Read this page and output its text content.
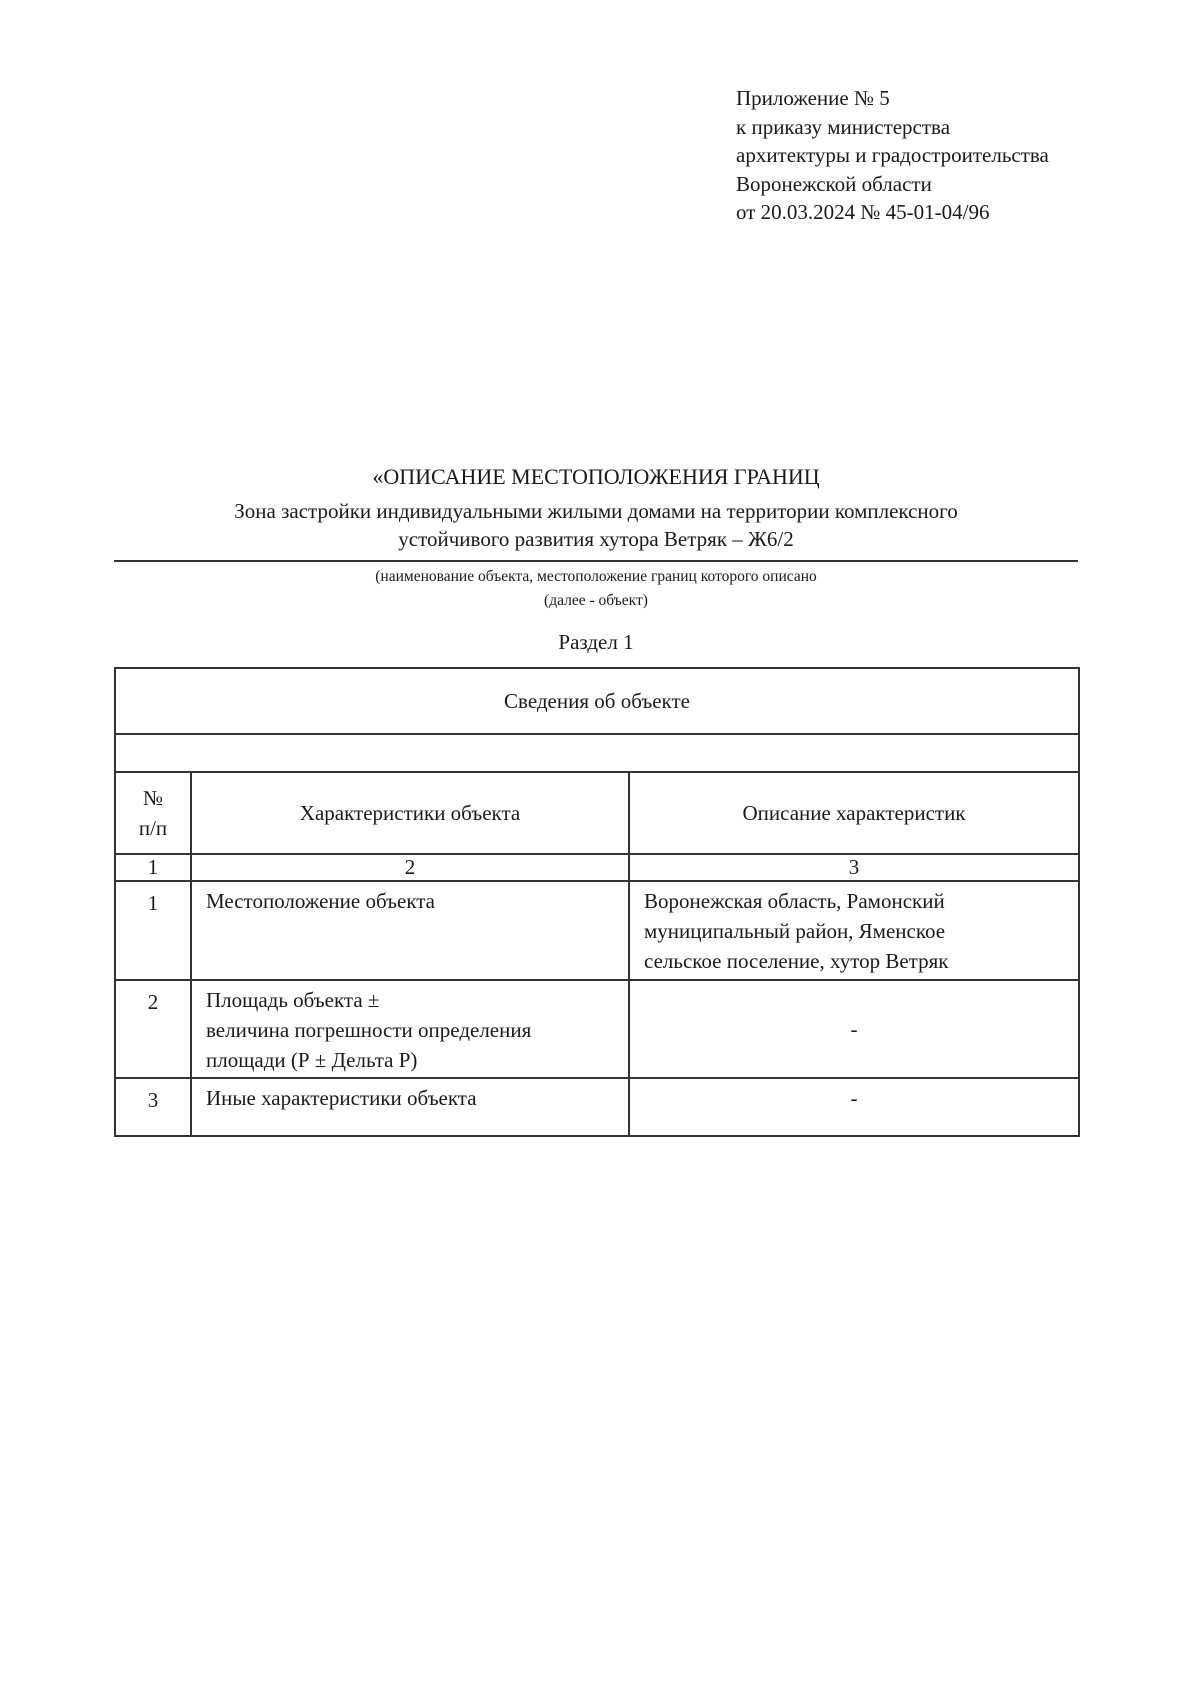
Приложение № 5
к приказу министерства
архитектуры и градостроительства
Воронежской области
от 20.03.2024 № 45-01-04/96
«ОПИСАНИЕ МЕСТОПОЛОЖЕНИЯ ГРАНИЦ
Зона застройки индивидуальными жилыми домами на территории комплексного
устойчивого развития хутора Ветряк – Ж6/2
(наименование объекта, местоположение границ которого описано
(далее - объект)
Раздел 1
Сведения об объекте		

№
п/п	Характеристики объекта	Описание характеристик
1	2	3
1	Местоположение объекта	Воронежская область, Рамонский
муниципальный район, Яменское
сельское поселение, хутор Ветряк

2	Площадь объекта ±
величина погрешности определения
площади (Р ± Дельта Р)	-

3	Иные характеристики объекта	-
